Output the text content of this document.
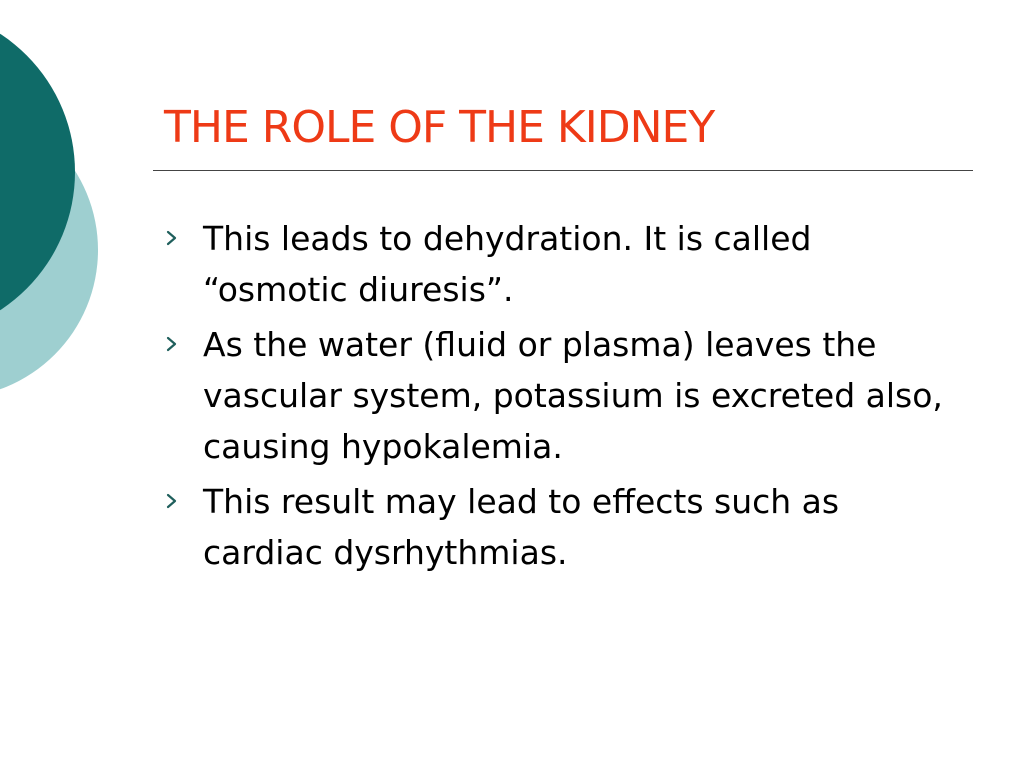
THE ROLE OF THE KIDNEY
This leads to dehydration. It is called “osmotic diuresis”.
As the water (fluid or plasma) leaves the vascular system, potassium is excreted also, causing hypokalemia.
This result may lead to effects such as cardiac dysrhythmias.
